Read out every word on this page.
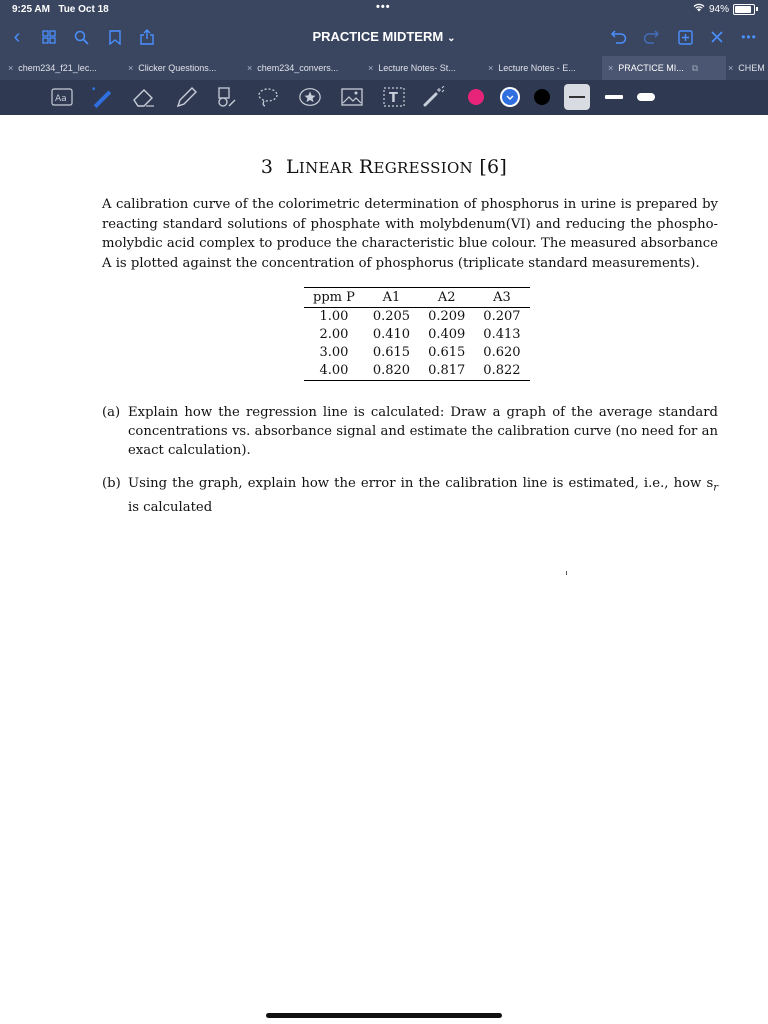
9:25 AM Tue Oct 18	•••	94%
‹	PRACTICE MIDTERM ⌄	•••
× chem234_f21_lec...	× Clicker Questions...	× chem234_convers...	× Lecture Notes- St...	× Lecture Notes - E...	× PRACTICE MI... ⧉	× CHEM
Aa	T
3 LINEAR REGRESSION [6]
A calibration curve of the colorimetric determination of phosphorus in urine is prepared by reacting standard solutions of phosphate with molybdenum(VI) and reducing the phospho-molybdic acid complex to produce the characteristic blue colour. The measured absorbance A is plotted against the concentration of phosphorus (triplicate standard measurements).
ppm P	A1	A2	A3
1.00	0.205	0.209	0.207
2.00	0.410	0.409	0.413
3.00	0.615	0.615	0.620
4.00	0.820	0.817	0.822
(a) Explain how the regression line is calculated: Draw a graph of the average standard concentrations vs. absorbance signal and estimate the calibration curve (no need for an exact calculation).
(b) Using the graph, explain how the error in the calibration line is estimated, i.e., how $s_r$ is calculated
